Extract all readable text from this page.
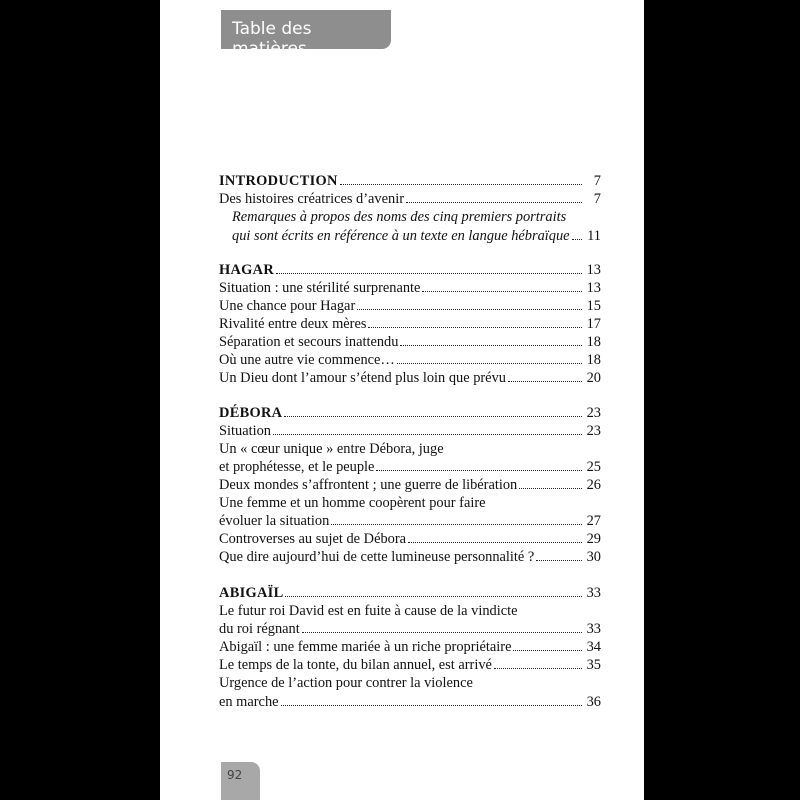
Table des matières
INTRODUCTION	7
Des histoires créatrices d’avenir	7
Remarques à propos des noms des cinq premiers portraits
qui sont écrits en référence à un texte en langue hébraïque 11
HAGAR	13
Situation : une stérilité surprenante	13
Une chance pour Hagar	15
Rivalité entre deux mères	17
Séparation et secours inattendu	18
Où une autre vie commence…	18
Un Dieu dont l’amour s’étend plus loin que prévu	20
DÉBORA	23
Situation	23
Un « cœur unique » entre Débora, juge
et prophétesse, et le peuple	25
Deux mondes s’affrontent ; une guerre de libération	26
Une femme et un homme coopèrent pour faire
évoluer la situation	27
Controverses au sujet de Débora	29
Que dire aujourd’hui de cette lumineuse personnalité ?	30
ABIGAÏL	33
Le futur roi David est en fuite à cause de la vindicte
du roi régnant	33
Abigaïl : une femme mariée à un riche propriétaire	34
Le temps de la tonte, du bilan annuel, est arrivé	35
Urgence de l’action pour contrer la violence
en marche	36
92
